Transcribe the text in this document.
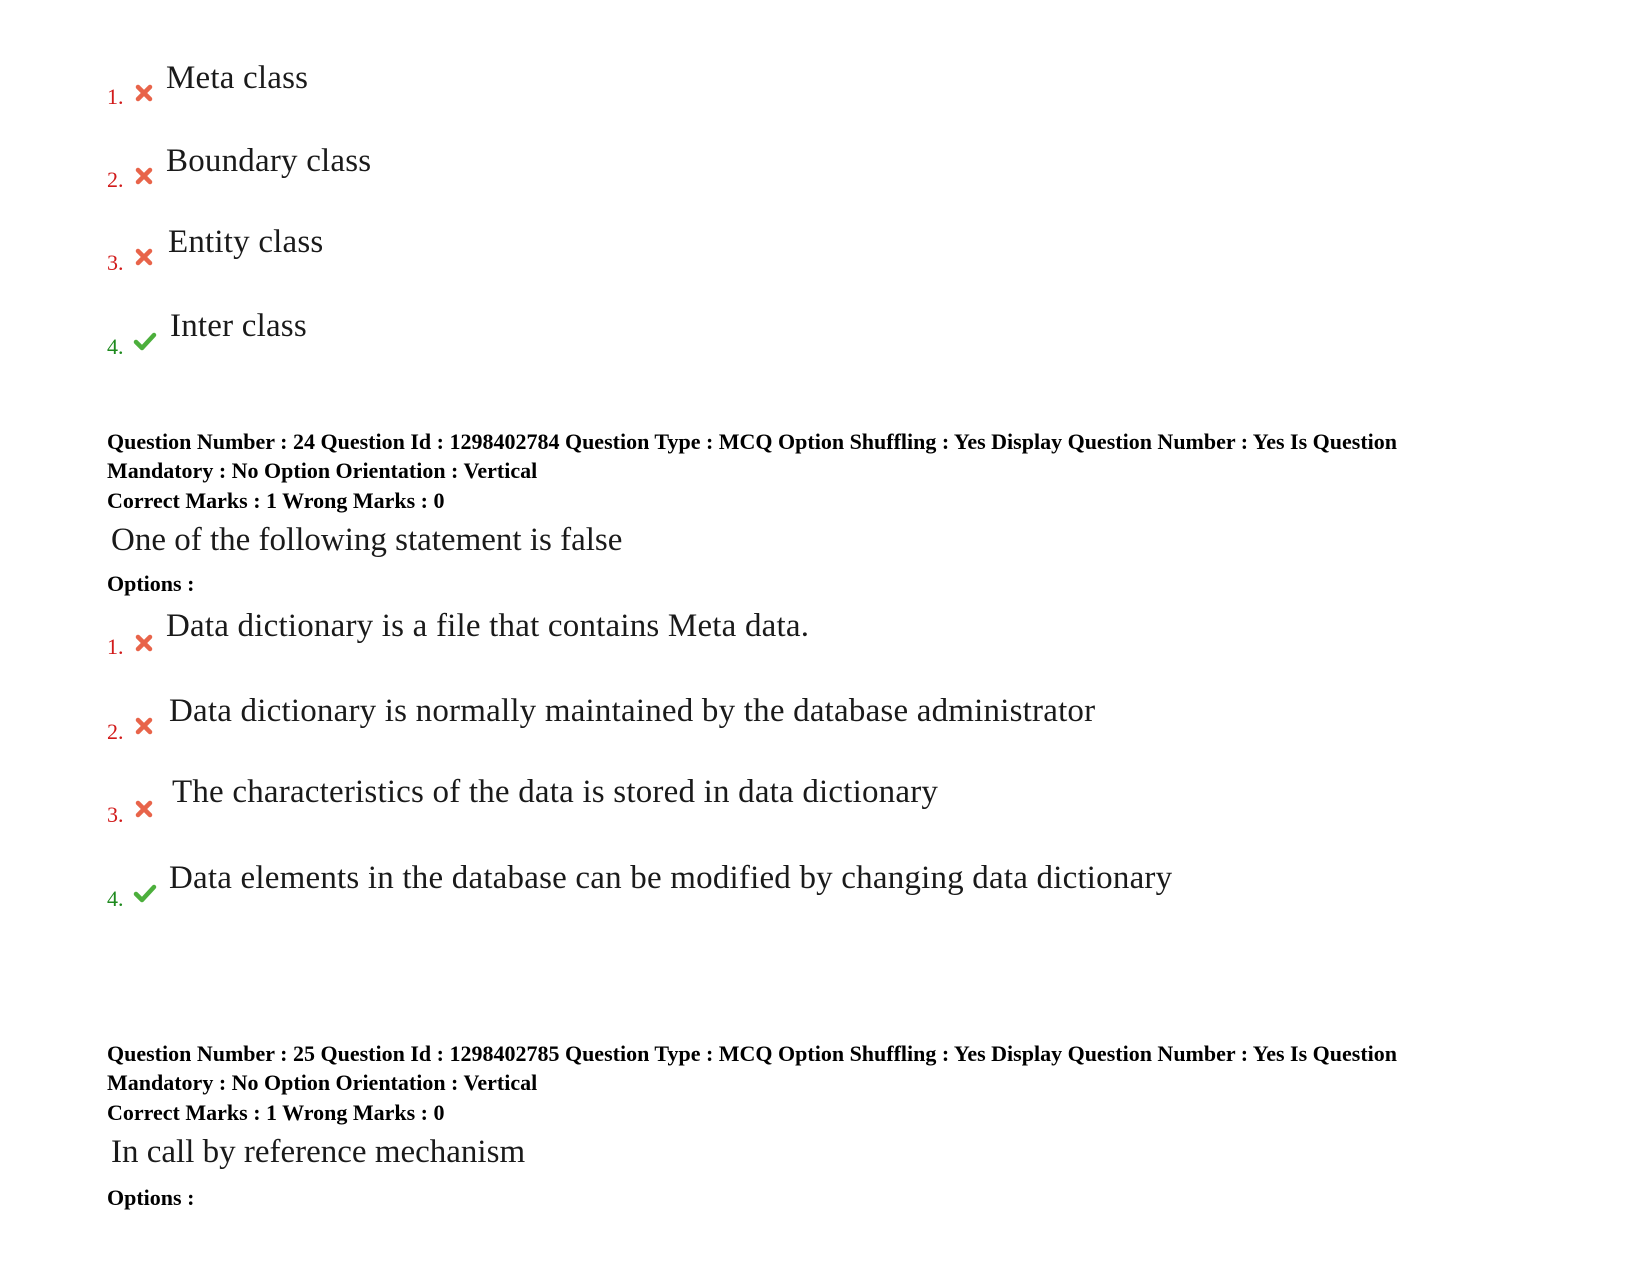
1.
Meta class
2.
Boundary class
3.
Entity class
4.
Inter class
Question Number : 24 Question Id : 1298402784 Question Type : MCQ Option Shuffling : Yes Display Question Number : Yes Is Question Mandatory : No Option Orientation : Vertical
Correct Marks : 1 Wrong Marks : 0
One of the following statement is false
Options :
1.
Data dictionary is a file that contains Meta data.
2.
Data dictionary is normally maintained by the database administrator
3.
The characteristics of the data is stored in data dictionary
4.
Data elements in the database can be modified by changing data dictionary
Question Number : 25 Question Id : 1298402785 Question Type : MCQ Option Shuffling : Yes Display Question Number : Yes Is Question Mandatory : No Option Orientation : Vertical
Correct Marks : 1 Wrong Marks : 0
In call by reference mechanism
Options :
